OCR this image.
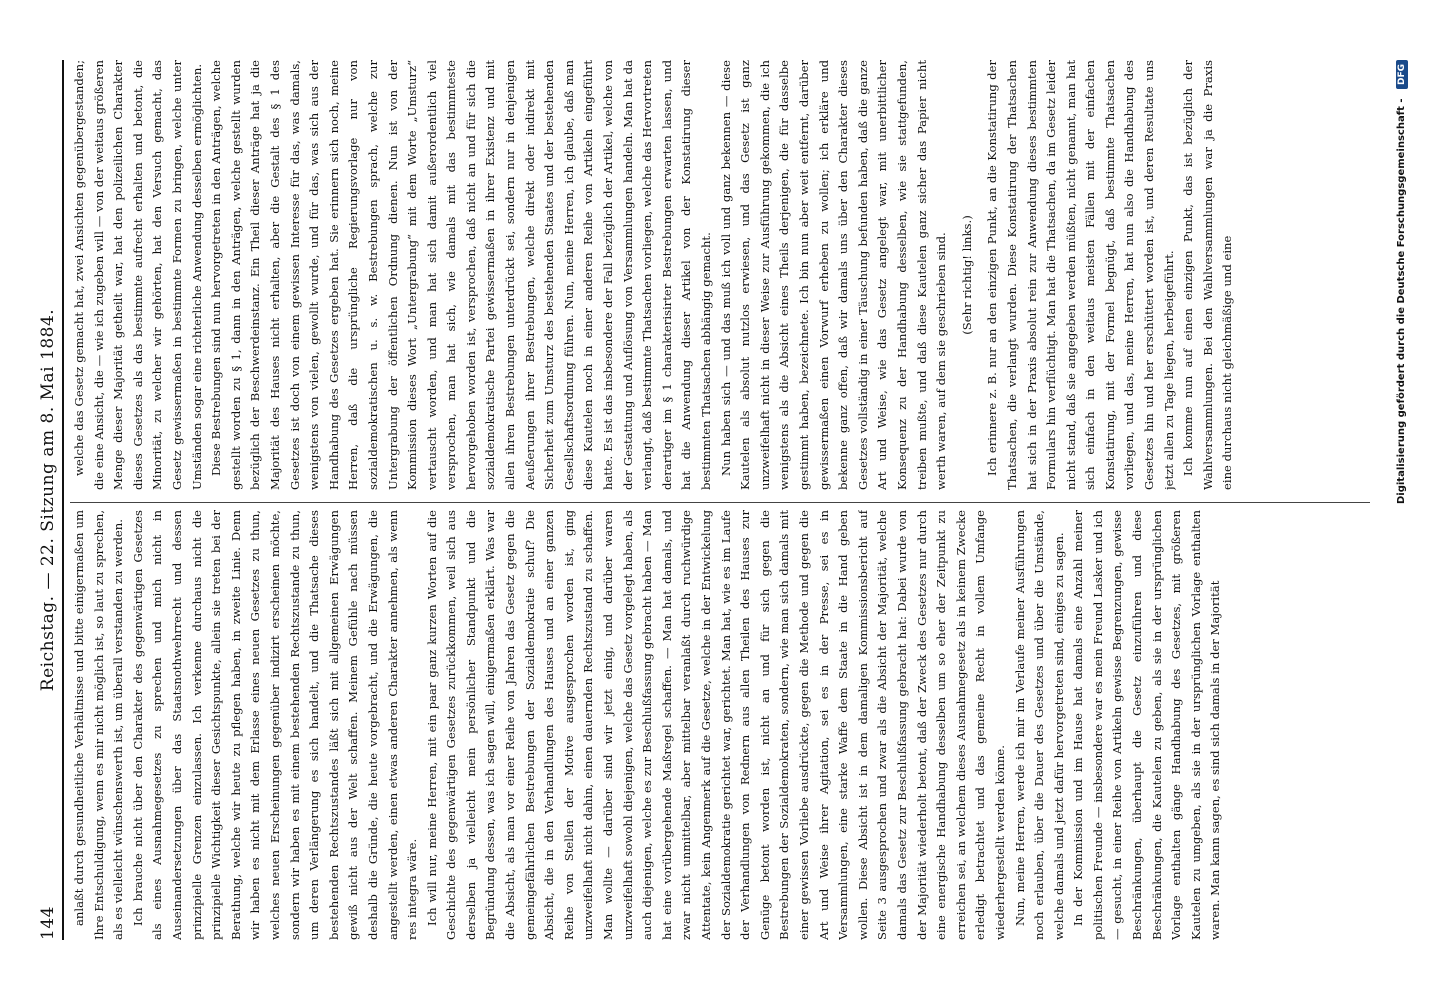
144
Reichstag. — 22. Sitzung am 8. Mai 1884.

anlaßt durch gesundheitliche Verhältnisse und bitte einigermaßen um Ihre Entschuldigung, wenn es mir nicht möglich ist, so laut zu sprechen, als es vielleicht wünschenswerth ist, um überall verstanden zu werden. Ich brauche nicht über den Charakter des gegenwärtigen Gesetzes als eines Ausnahmegesetzes zu sprechen und mich nicht in Auseinandersetzungen über das Staatsnothwehrrecht und dessen prinzipielle Grenzen einzulassen. Ich verkenne durchaus nicht die prinzipielle Wichtigkeit dieser Gesichtspunkte, allein sie treten bei der Berathung, welche wir heute zu pflegen haben, in zweite Linie. Denn wir haben es nicht mit dem Erlasse eines neuen Gesetzes zu thun, welches neuen Erscheinungen gegenüber indizirt erscheinen möchte, sondern wir haben es mit einem bestehenden Rechtszustande zu thun, um deren Verlängerung es sich handelt, und die Thatsache dieses bestehenden Rechtszustandes läßt sich mit allgemeinen Erwägungen gewiß nicht aus der Welt schaffen. Meinem Gefühle nach müssen deshalb die Gründe, die heute vorgebracht, und die Erwägungen, die angestellt werden, einen etwas anderen Charakter annehmen, als wenn res integra wäre. Ich will nur, meine Herren, mit ein paar ganz kurzen Worten auf die Geschichte des gegenwärtigen Gesetzes zurückkommen, weil sich aus derselben ja vielleicht mein persönlicher Standpunkt und die Begründung dessen, was ich sagen will, einigermaßen erklärt. Was war die Absicht, als man vor einer Reihe von Jahren das Gesetz gegen die gemeingefährlichen Bestrebungen der Sozialdemokratie schuf? Die Absicht, die in den Verhandlungen des Hauses und an einer ganzen Reihe von Stellen der Motive ausgesprochen worden ist, ging unzweifelhaft nicht dahin, einen dauernden Rechtszustand zu schaffen. Man wollte — darüber sind wir jetzt einig, und darüber waren unzweifelhaft sowohl diejenigen, welche das Gesetz vorgelegt haben, als auch diejenigen, welche es zur Beschlußfassung gebracht haben — Man hat eine vorübergehende Maßregel schaffen. — Man hat damals, und zwar nicht unmittelbar, aber mittelbar veranlaßt durch ruchwürdige Attentate, kein Angenmerk auf die Gesetze, welche in der Entwickelung der Sozialdemokratie gerichtet war, gerichtet. Man hat, wie es im Laufe der Verhandlungen von Rednern aus allen Theilen des Hauses zur Genüge betont worden ist, nicht an und für sich gegen die Bestrebungen der Sozialdemokraten, sondern, wie man sich damals mit einer gewissen Vorliebe ausdrückte, gegen die Methode und gegen die Art und Weise ihrer Agitation, sei es in der Presse, sei es in Versammlungen, eine starke Waffe dem Staate in die Hand geben wollen. Diese Absicht ist in dem damaligen Kommissionsbericht auf Seite 3 ausgesprochen und zwar als die Absicht der Majorität, welche damals das Gesetz zur Beschlußfassung gebracht hat: Dabei wurde von der Majorität wiederholt betont, daß der Zweck des Gesetzes nur durch eine energische Handhabung desselben um so eher der Zeitpunkt zu erreichen sei, an welchem dieses Ausnahmegesetz als in keinem Zwecke erledigt betrachtet und das gemeine Recht in vollem Umfange wiederhergestellt werden könne. Nun, meine Herren, werde ich mir im Verlaufe meiner Ausführungen noch erlauben, über die Dauer des Gesetzes und über die Umstände, welche damals und jetzt dafür hervorgetreten sind, einiges zu sagen. In der Kommission und im Hause hat damals eine Anzahl meiner politischen Freunde — insbesondere war es mein Freund Lasker und ich — gesucht, in einer Reihe von Artikeln gewisse Begrenzungen, gewisse Beschränkungen, überhaupt die Gesetz einzuführen und diese Beschränkungen, die Kautelen zu geben, als sie in der ursprünglichen Vorlage enthalten gänge Handhabung des Gesetzes, mit größeren Kautelen zu umgeben, als sie in der ursprünglichen Vorlage enthalten waren. Man kann sagen, es sind sich damals in der Majorität

welche das Gesetz gemacht hat, zwei Ansichten gegenübergestanden; die eine Ansicht, die — wie ich zugeben will — von der weitaus größeren Menge dieser Majorität getheilt war, hat den polizeilichen Charakter dieses Gesetzes als das bestimmte aufrecht erhalten und betont, die Minorität, zu welcher wir gehörten, hat den Versuch gemacht, das Gesetz gewissermaßen in bestimmte Formen zu bringen, welche unter Umständen sogar eine richterliche Anwendung desselben ermöglichten. Diese Bestrebungen sind nun hervorgetreten in den Anträgen, welche gestellt worden zu § 1, dann in den Anträgen, welche gestellt wurden bezüglich der Beschwerdeinstanz. Ein Theil dieser Anträge hat ja die Majorität des Hauses nicht erhalten, aber die Gestalt des § 1 des Gesetzes ist doch von einem gewissen Interesse für das, was damals, wenigstens von vielen, gewollt wurde, und für das, was sich aus der Handhabung des Gesetzes ergeben hat. Sie erinnern sich noch, meine Herren, daß die ursprüngliche Regierungsvorlage nur von sozialdemokratischen u. s. w. Bestrebungen sprach, welche zur Untergrabung der öffentlichen Ordnung dienen. Nun ist von der Kommission dieses Wort „Untergrabung“ mit dem Worte „Umsturz“ vertauscht worden, und man hat sich damit außerordentlich viel versprochen, man hat sich, wie damals mit das bestimmteste hervorgehoben worden ist, versprochen, daß nicht an und für sich die sozialdemokratische Partei gewissermaßen in ihrer Existenz und mit allen ihren Bestrebungen unterdrückt sei, sondern nur in denjenigen Aeußerungen ihrer Bestrebungen, welche direkt oder indirekt mit Sicherheit zum Umsturz des bestehenden Staates und der bestehenden Gesellschaftsordnung führen. Nun, meine Herren, ich glaube, daß man diese Kautelen noch in einer anderen Reihe von Artikeln eingeführt hatte. Es ist das insbesondere der Fall bezüglich der Artikel, welche von der Gestattung und Auflösung von Versammlungen handeln. Man hat da verlangt, daß bestimmte Thatsachen vorliegen, welche das Hervortreten derartiger im § 1 charakterisirter Bestrebungen erwarten lassen, und hat die Anwendung dieser Artikel von der Konstatirung dieser bestimmten Thatsachen abhängig gemacht. Nun haben sich — und das muß ich voll und ganz bekennen — diese Kautelen als absolut nutzlos erwiesen, und das Gesetz ist ganz unzweifelhaft nicht in dieser Weise zur Ausführung gekommen, die ich wenigstens als die Absicht eines Theils derjenigen, die für dasselbe gestimmt haben, bezeichnete. Ich bin nun aber weit entfernt, darüber gewissermaßen einen Vorwurf erheben zu wollen; ich erkläre und bekenne ganz offen, daß wir damals uns über den Charakter dieses Gesetzes vollständig in einer Täuschung befunden haben, daß die ganze Art und Weise, wie das Gesetz angelegt war, mit unerbittlicher Konsequenz zu der Handhabung desselben, wie sie stattgefunden, treiben mußte, und daß diese Kautelen ganz sicher das Papier nicht werth waren, auf dem sie geschrieben sind. (Sehr richtig! links.) Ich erinnere z. B. nur an den einzigen Punkt, an die Konstatirung der Thatsachen, die verlangt wurden. Diese Konstatirung der Thatsachen hat sich in der Praxis absolut rein zur Anwendung dieses bestimmten Formulars hin verflüchtigt. Man hat die Thatsachen, da im Gesetz leider nicht stand, daß sie angegeben werden müßten, nicht genannt, man hat sich einfach in den weitaus meisten Fällen mit der einfachen Konstatirung, mit der Formel begnügt, daß bestimmte Thatsachen vorliegen, und das, meine Herren, hat nun also die Handhabung des Gesetzes hin und her erschüttert worden ist, und deren Resultate uns jetzt allen zu Tage liegen, herbeigeführt. Ich komme nun auf einen einzigen Punkt, das ist bezüglich der Wahlversammlungen. Bei den Wahlversammlungen war ja die Praxis eine durchaus nicht gleichmäßige und eine	Digitalisierung gefördert durch die Deutsche Forschungsgemeinschaft - DFG
